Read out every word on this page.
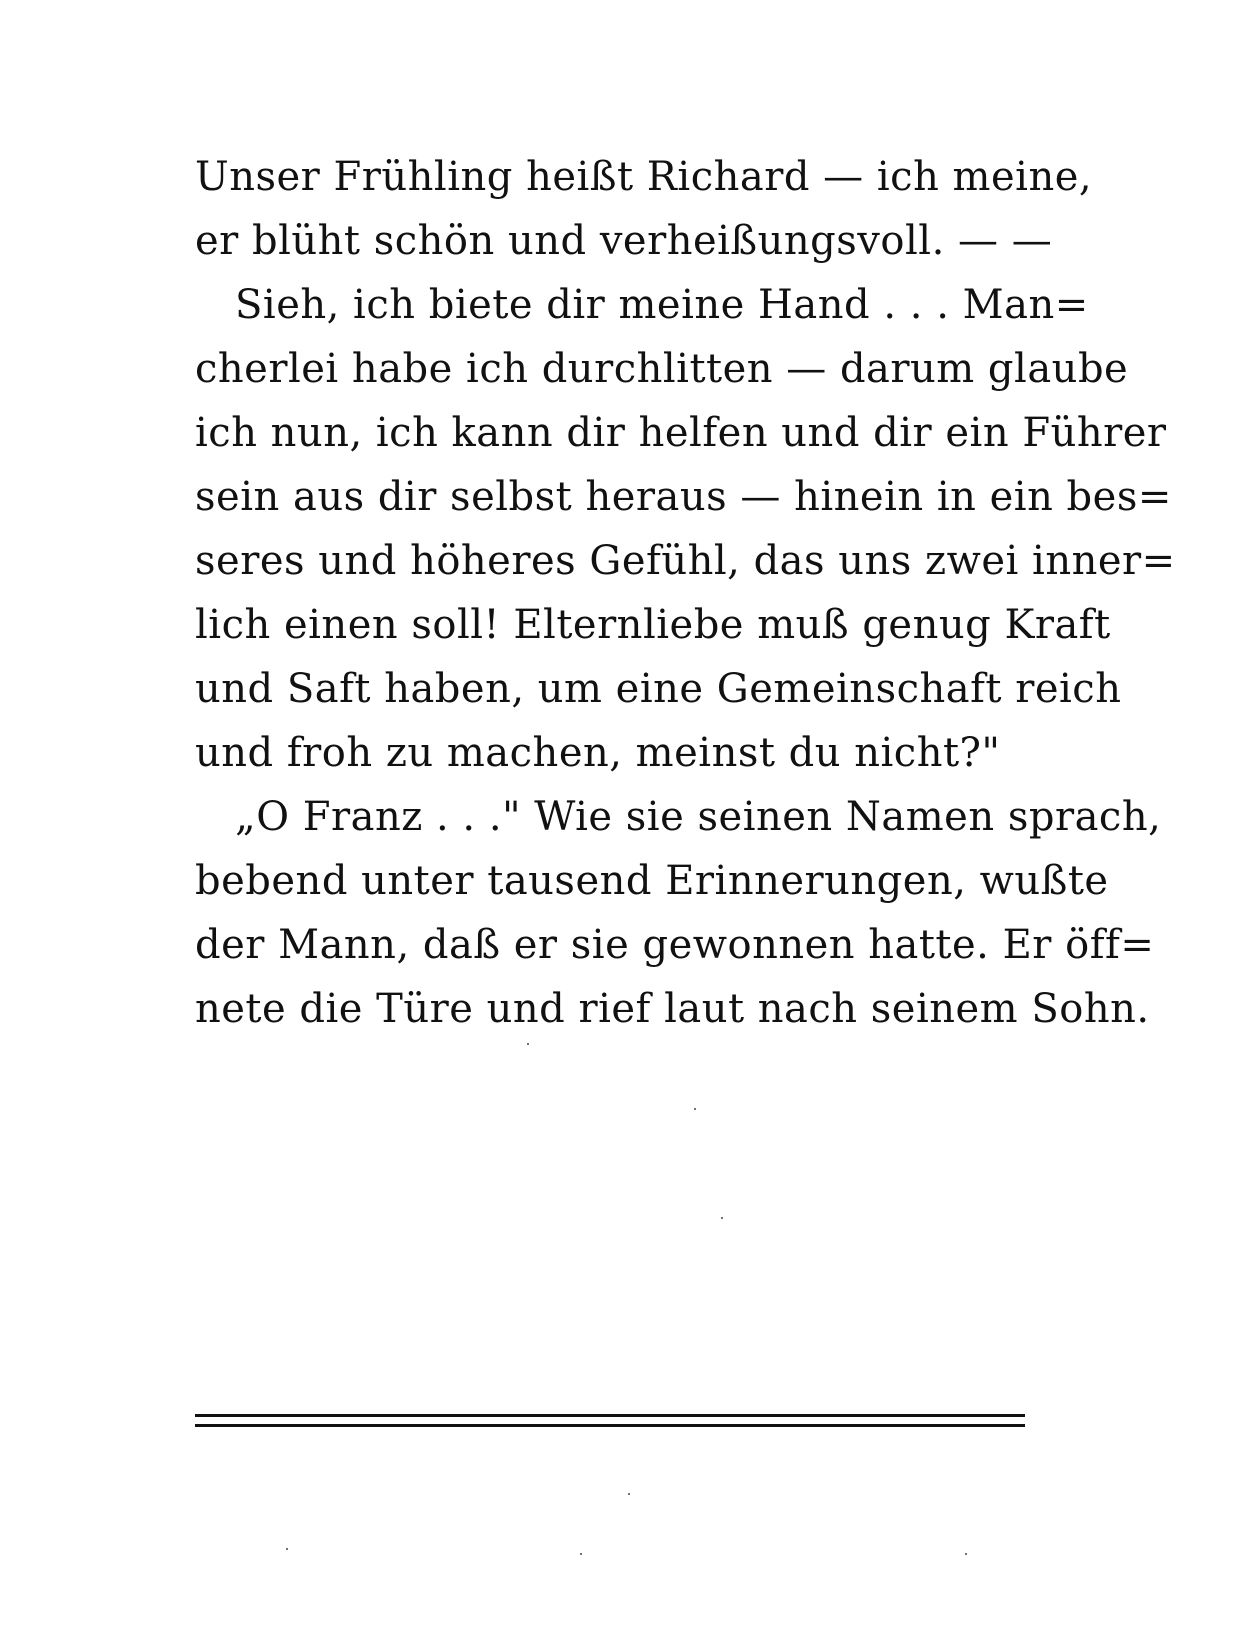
Unser Frühling heißt Richard — ich meine,
er blüht schön und verheißungsvoll. — —
Sieh, ich biete dir meine Hand . . . Man=
cherlei habe ich durchlitten — darum glaube
ich nun, ich kann dir helfen und dir ein Führer
sein aus dir selbst heraus — hinein in ein bes=
seres und höheres Gefühl, das uns zwei inner=
lich einen soll! Elternliebe muß genug Kraft
und Saft haben, um eine Gemeinschaft reich
und froh zu machen, meinst du nicht?"
„O Franz . . ." Wie sie seinen Namen sprach,
bebend unter tausend Erinnerungen, wußte
der Mann, daß er sie gewonnen hatte. Er öff=
nete die Türe und rief laut nach seinem Sohn.
